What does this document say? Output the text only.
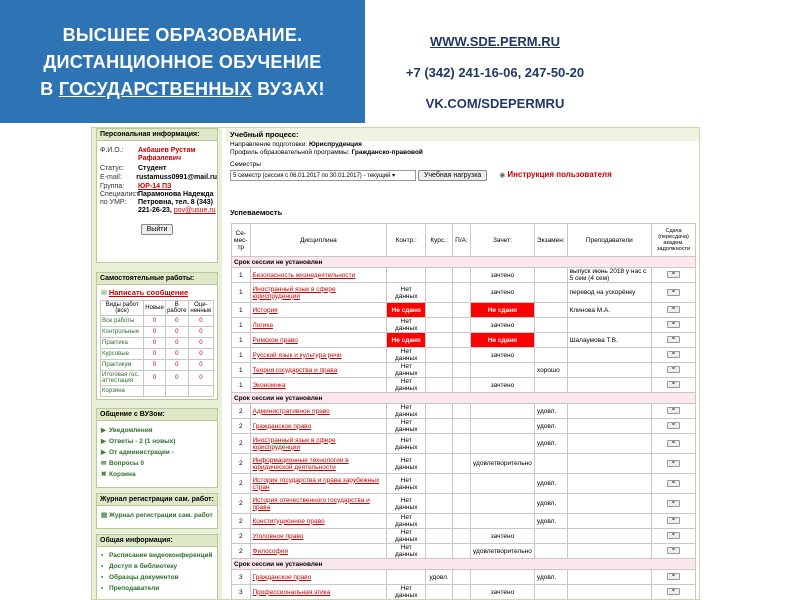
ВЫСШЕЕ ОБРАЗОВАНИЕ.
ДИСТАНЦИОННОЕ ОБУЧЕНИЕ
В ГОСУДАРСТВЕННЫХ ВУЗАХ!
WWW.SDE.PERM.RU
+7 (342) 241-16-06, 247-50-20
VK.COM/SDEPERMRU
Персональная информация:
Ф.И.О.:	Акбашев Рустам Рафаэлевич
Статус:	Студент
E-mail:	rustamuss0991@mail.ru
Группа:	ЮР-14 ПЗ
Специалист по УМР:
Парамонова Надежда Петровна, тел. 8 (343) 221-26-23, pov@usue.ru
Выйти
Самостоятельные работы:
✉ Написать сообщение
Виды работ (все)	Новые	В работе	Оце-ненные
Все работы	0	0	0
Контрольные	0	0	0
Практика	0	0	0
Курсовые	0	0	0
Практикум	0	0	0
Итоговая гос. аттестация	0	0	0
Корзина			
Общение с ВУЗом:
▶ Уведомления
▶ Ответы - 2 (1 новых)
▶ От администрации -
✉ Вопросы 0
✖ Корзина
Журнал регистрации сам. работ:
▤ Журнал регистрации сам. работ
Общая информация:
▪ Расписание видеоконференций
▪ Доступ в библиотеку
▪ Образцы документов
▪ Преподаватели
Учебный процесс:
Направление подготовки: Юриспруденция
Профиль образовательной программы: Гражданско-правовой
Семестры
5 семестр (сессия с 06.01.2017 по 30.01.2017) - текущий ▾	Учебная нагрузка	◉ Инструкция пользователя
Успеваемость
Се-мес-тр	Дисциплина	Контр.:	Курс.:	П/А:	Зачет:	Экзамен:	Преподаватели	Сдача (пересдача) академ. задолжности
Срок сессии не установлен								
1	Безопасность жизнедеятельности				зачтено		выпуск июнь 2018 у нас с 5 сем (4 сем)	=
1	Иностранный язык в сфере юриспруденции	Нет данных			зачтено		перевод на ускорёнку	=
1	История	Не сдано			Не сдано		Клинова М.А.	=
1	Логика	Нет данных			зачтено			=
1	Римское право	Не сдано			Не сдано		Шалаумова Т.В.	=
1	Русский язык и культура речи	Нет данных			зачтено			=
1	Теория государства и права	Нет данных				хорошо		=
1	Экономика	Нет данных			зачтено			=
Срок сессии не установлен								
2	Административное право	Нет данных				удовл.		=
2	Гражданское право	Нет данных				удовл.		=
2	Иностранный язык в сфере юриспруденции	Нет данных				удовл.		=
2	Информационные технологии в юридической деятельности	Нет данных			удовлетворительно			=
2	История государства и права зарубежных стран	Нет данных				удовл.		=
2	История отечественного государства и права	Нет данных				удовл.		=
2	Конституционное право	Нет данных				удовл.		=
2	Уголовное право	Нет данных			зачтено			=
2	Философия	Нет данных			удовлетворительно			=
Срок сессии не установлен								
3	Гражданское право		удовл.			удовл.		=
3	Профессиональная этика	Нет данных			зачтено			=
